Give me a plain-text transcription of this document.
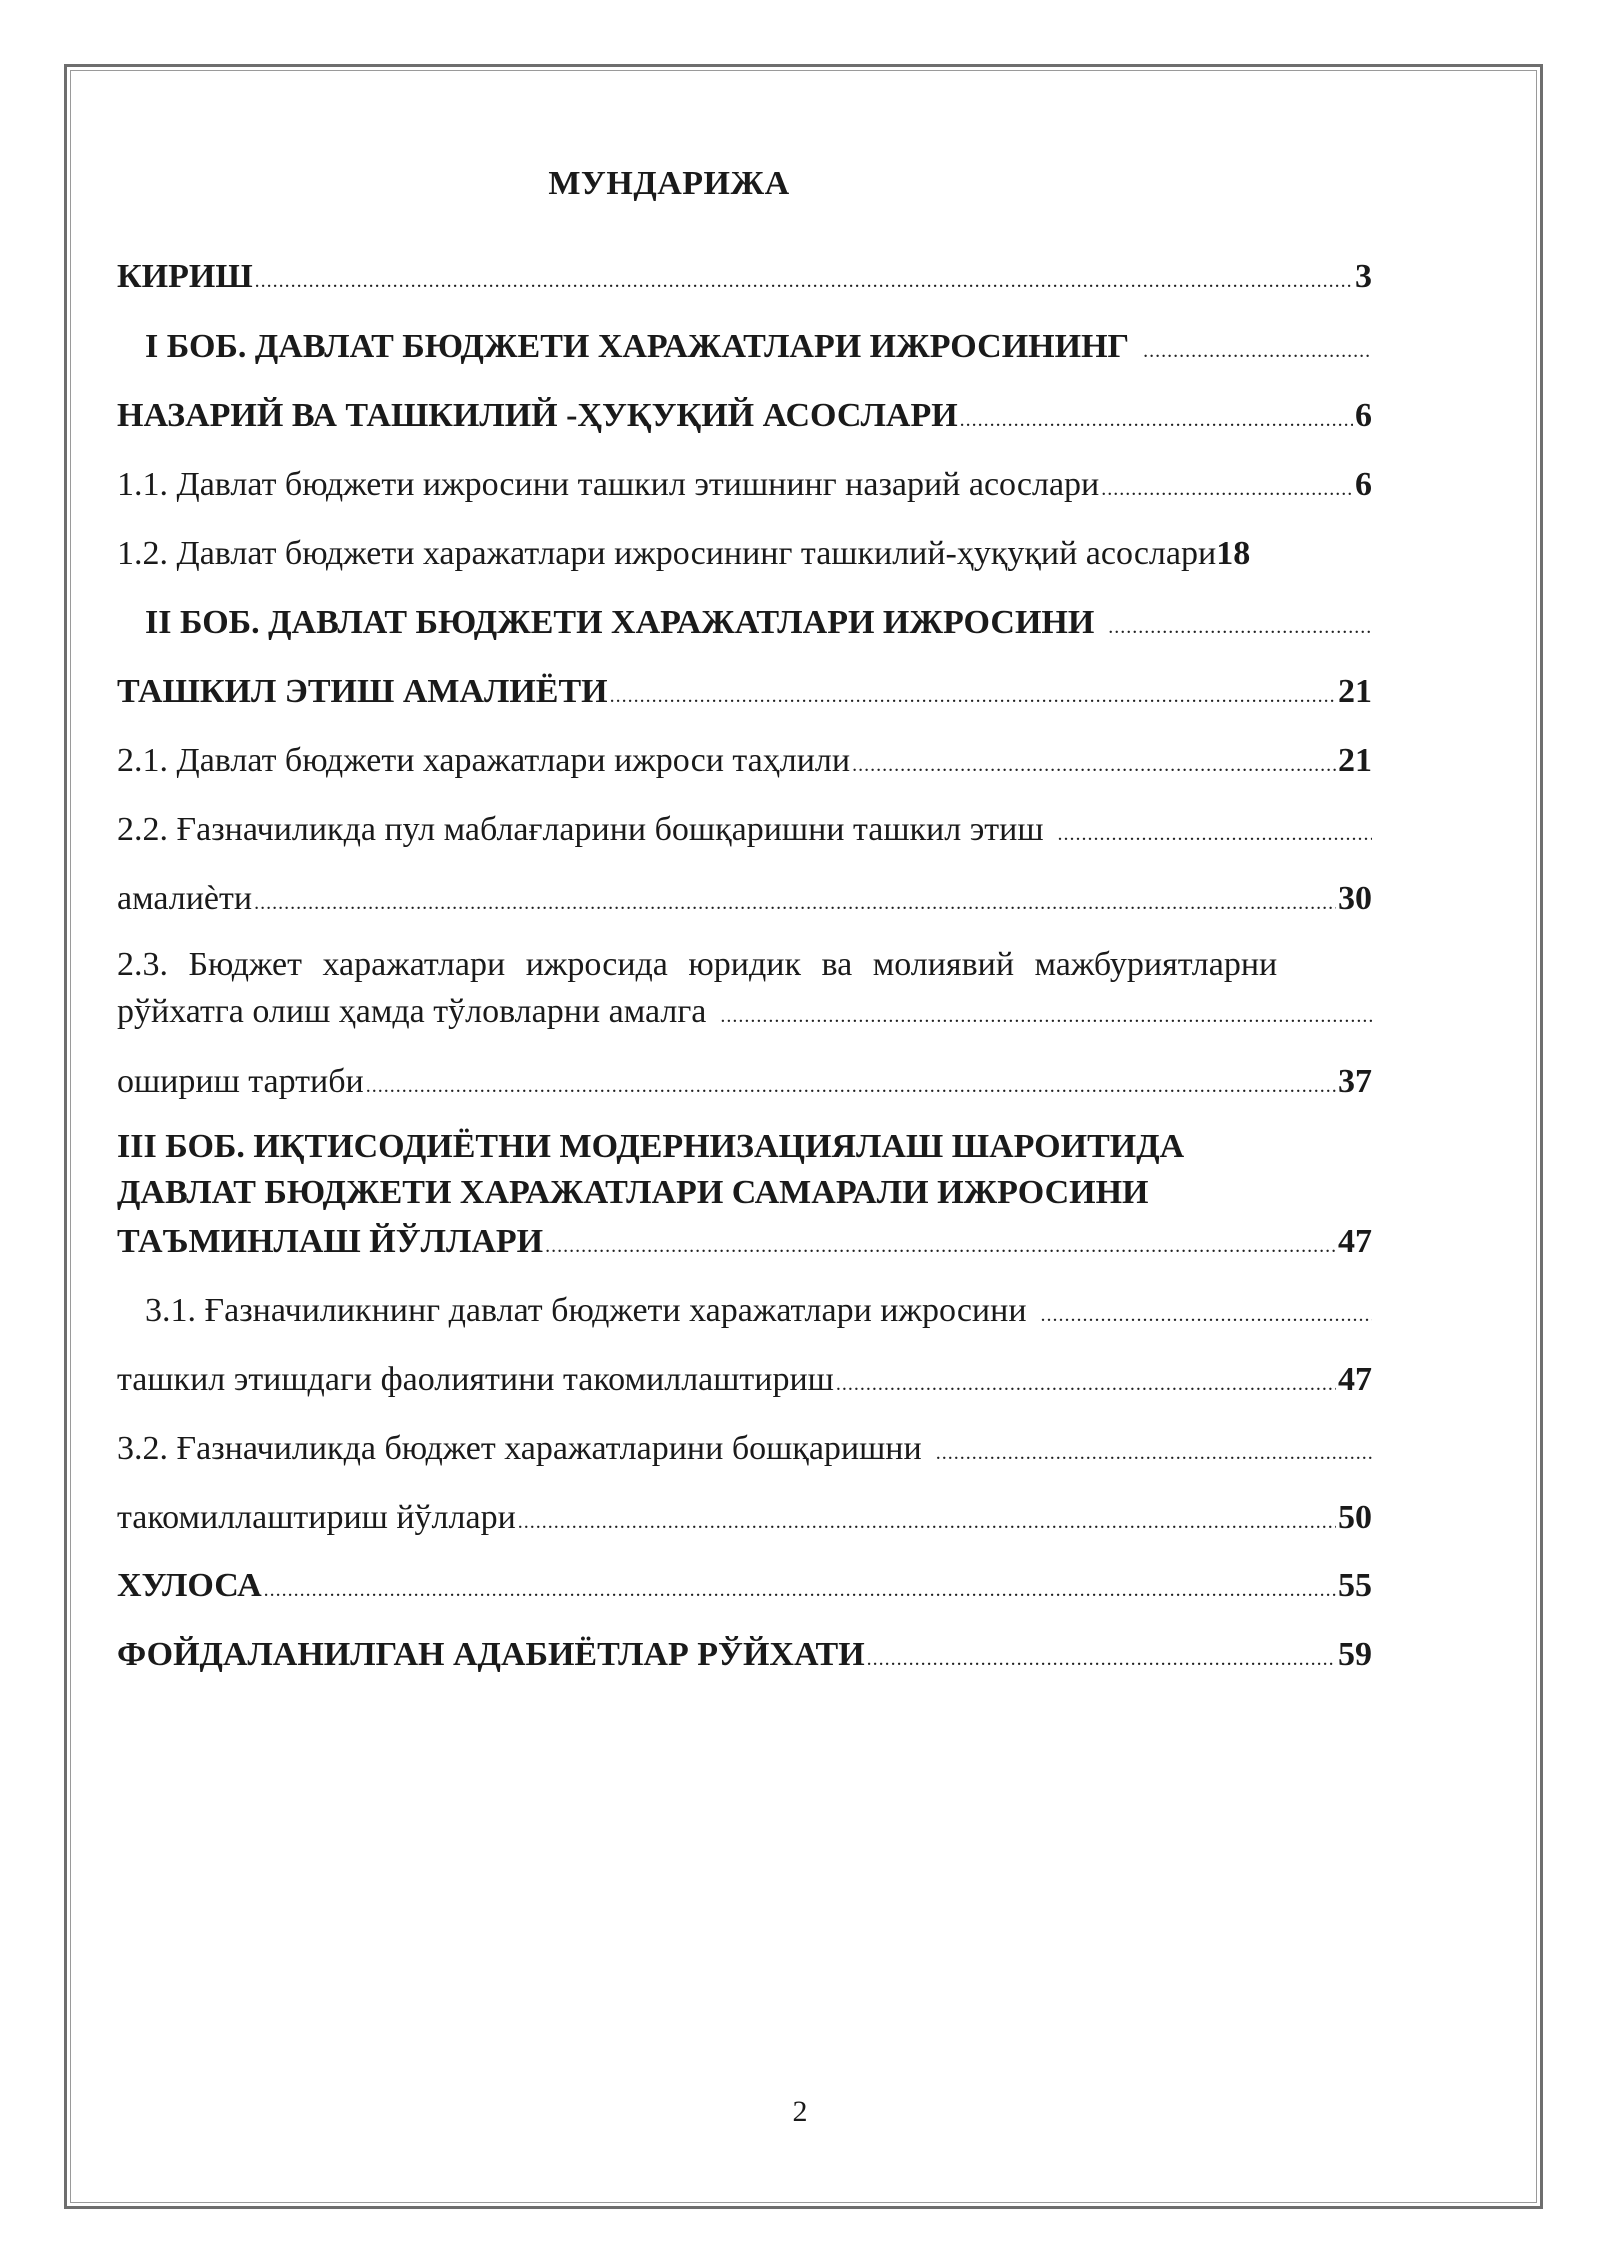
МУНДАРИЖА
КИРИШ .....	3
I БОБ. ДАВЛАТ БЮДЖЕТИ ХАРАЖАТЛАРИ ИЖРОСИНИНГ
.....
НАЗАРИЙ ВА ТАШКИЛИЙ -ҲУҚУҚИЙ АСОСЛАРИ .....	6
1.1. Давлат бюджети ижросини ташкил этишнинг назарий асослари .....	6
1.2. Давлат бюджети харажатлари ижросининг ташкилий-ҳуқуқий асослари 18
II БОБ. ДАВЛАТ БЮДЖЕТИ ХАРАЖАТЛАРИ ИЖРОСИНИ
.....
ТАШКИЛ ЭТИШ АМАЛИЁТИ .....	21
2.1. Давлат бюджети харажатлари ижроси таҳлили .....	21
2.2. Ғазначиликда пул маблағларини бошқаришни ташкил этиш
.....
амалиѐти .....	30
2.3. Бюджет харажатлари ижросида юридик ва молиявий мажбуриятларни
рўйхатга олиш ҳамда тўловларни амалга
.....
ошириш тартиби .....	37
III БОБ. ИҚТИСОДИЁТНИ МОДЕРНИЗАЦИЯЛАШ ШАРОИТИДА
ДАВЛАТ БЮДЖЕТИ ХАРАЖАТЛАРИ САМАРАЛИ ИЖРОСИНИ
ТАЪМИНЛАШ ЙЎЛЛАРИ .....	47
3.1. Ғазначиликнинг давлат бюджети харажатлари ижросини
.....
ташкил этишдаги фаолиятини такомиллаштириш .....	47
3.2. Ғазначиликда бюджет харажатларини бошқаришни
.....
такомиллаштириш йўллари .....	50
ХУЛОСА .....	55
ФОЙДАЛАНИЛГАН АДАБИЁТЛАР РЎЙХАТИ .....	59
2
